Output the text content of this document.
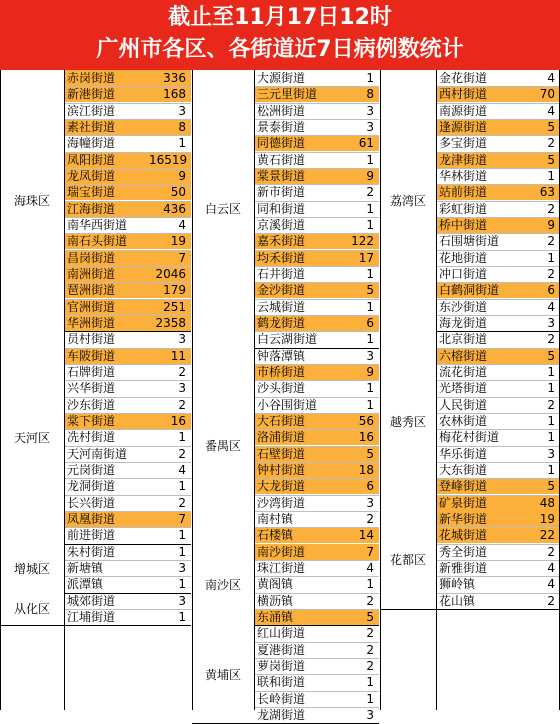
截止至11月17日12时
广州市各区、各街道近7日病例数统计
赤岗街道	336
新港街道	168
滨江街道	3
素社街道	8
海幢街道	1
凤阳街道	16519
龙凤街道	9
瑞宝街道	50
江海街道	436
南华西街道	4
南石头街道	19
昌岗街道	7
南洲街道	2046
琶洲街道	179
官洲街道	251
华洲街道	2358
海珠区
员村街道	3
车陂街道	11
石牌街道	2
兴华街道	3
沙东街道	2
棠下街道	16
冼村街道	1
天河南街道	2
元岗街道	4
龙洞街道	1
长兴街道	2
凤凰街道	7
前进街道	1
天河区
朱村街道	1
新塘镇	3
派潭镇	1
增城区
城郊街道	3
江埔街道	1
从化区
大源街道	1
三元里街道	8
松洲街道	3
景泰街道	3
同德街道	61
黄石街道	1
棠景街道	9
新市街道	2
同和街道	1
京溪街道	1
嘉禾街道	122
均禾街道	17
石井街道	1
金沙街道	5
云城街道	1
鹤龙街道	6
白云湖街道	1
白云区
钟落潭镇	3
市桥街道	9
沙头街道	1
小谷围街道	1
大石街道	56
洛浦街道	16
石壁街道	5
钟村街道	18
大龙街道	6
沙湾街道	3
南村镇	2
石楼镇	14
番禺区
南沙街道	7
珠江街道	4
黄阁镇	1
横沥镇	2
东涌镇	5
南沙区
红山街道	2
夏港街道	2
萝岗街道	2
联和街道	1
长岭街道	1
龙湖街道	3
黄埔区
金花街道	4
西村街道	70
南源街道	4
逢源街道	5
多宝街道	2
龙津街道	5
华林街道	1
站前街道	63
彩虹街道	2
桥中街道	9
石围塘街道	2
花地街道	1
冲口街道	2
白鹤洞街道	6
东沙街道	4
海龙街道	3
荔湾区
北京街道	2
六榕街道	5
流花街道	1
光塔街道	1
人民街道	2
农林街道	1
梅花村街道	1
华乐街道	3
大东街道	1
登峰街道	5
矿泉街道	48
越秀区
新华街道	19
花城街道	22
秀全街道	2
新雅街道	4
狮岭镇	4
花山镇	2
花都区
